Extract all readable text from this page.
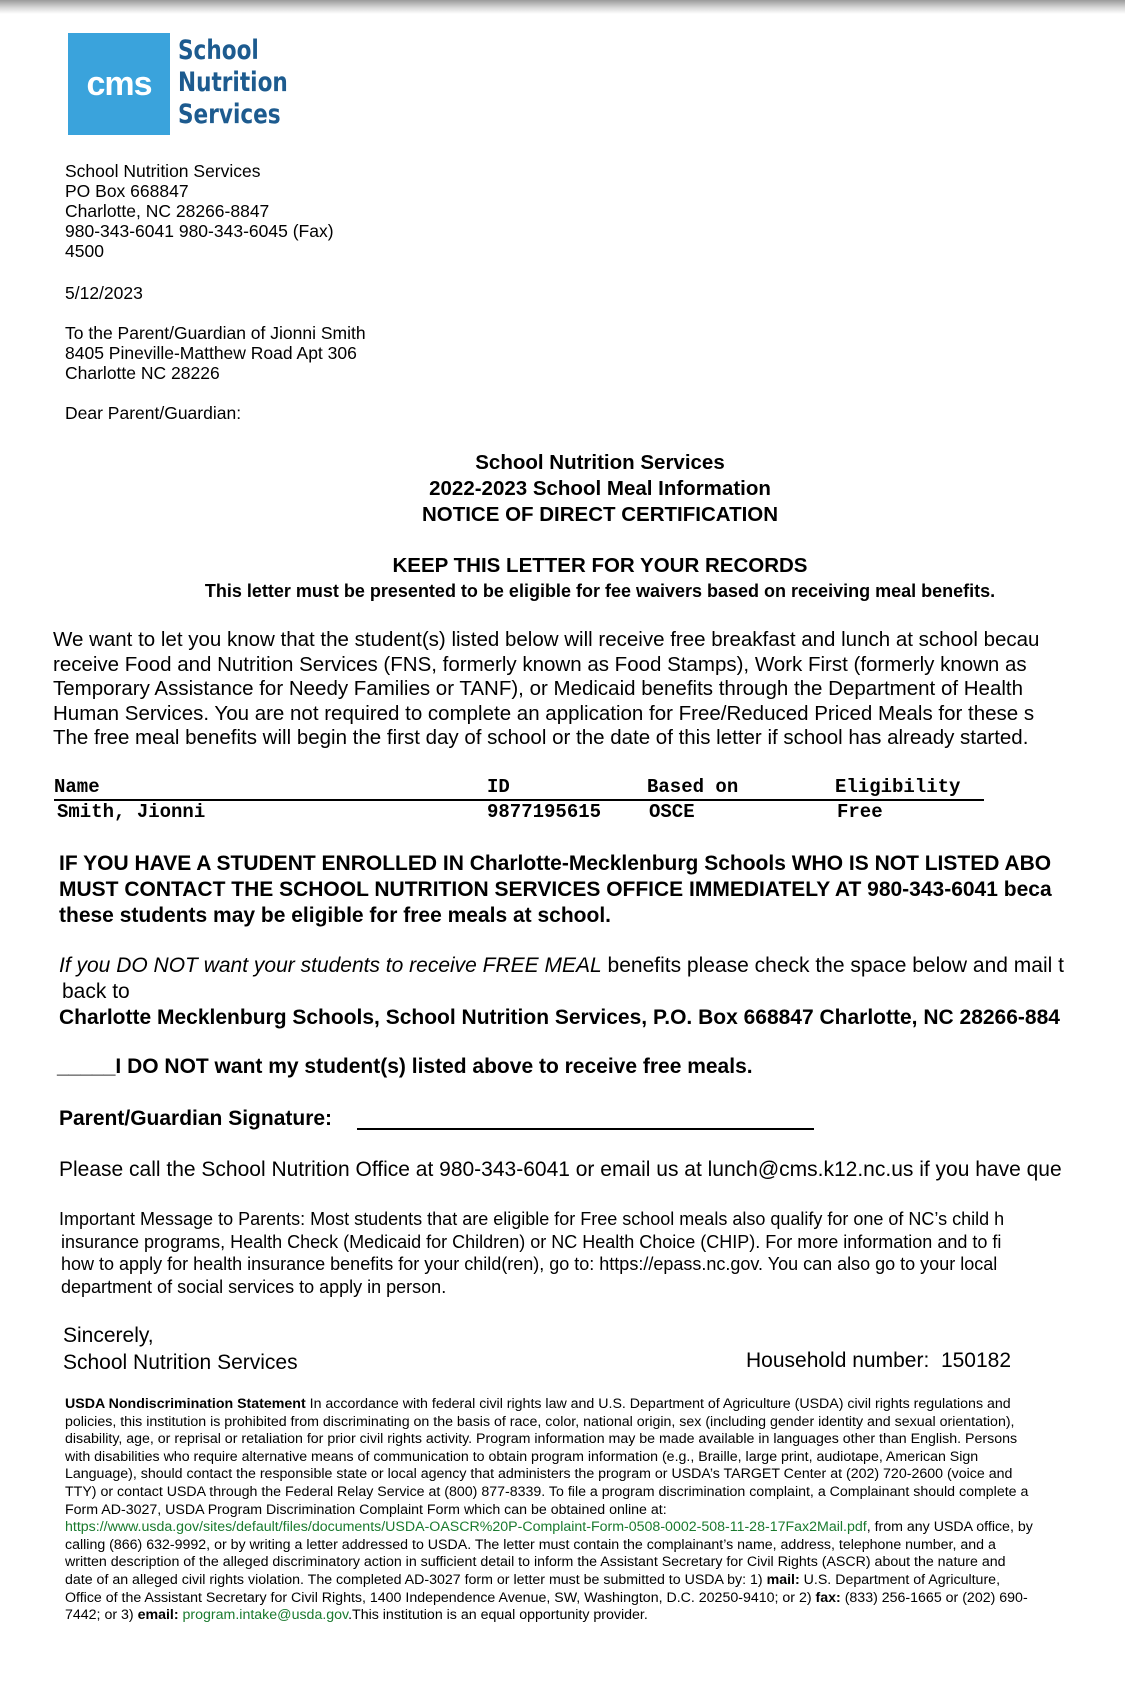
cms
School
Nutrition
Services
School Nutrition Services
PO Box 668847
Charlotte, NC 28266-8847
980-343-6041 980-343-6045 (Fax)
4500
5/12/2023
To the Parent/Guardian of Jionni Smith
8405 Pineville-Matthew Road Apt 306
Charlotte NC 28226
Dear Parent/Guardian:
School Nutrition Services
2022-2023 School Meal Information
NOTICE OF DIRECT CERTIFICATION
KEEP THIS LETTER FOR YOUR RECORDS
This letter must be presented to be eligible for fee waivers based on receiving meal benefits.
We want to let you know that the student(s) listed below will receive free breakfast and lunch at school becau
receive Food and Nutrition Services (FNS, formerly known as Food Stamps), Work First (formerly known as
Temporary Assistance for Needy Families or TANF), or Medicaid benefits through the Department of Health
Human Services. You are not required to complete an application for Free/Reduced Priced Meals for these s
The free meal benefits will begin the first day of school or the date of this letter if school has already started.
Name	ID	Based on	Eligibility
Smith, Jionni	9877195615	OSCE	Free
IF YOU HAVE A STUDENT ENROLLED IN Charlotte-Mecklenburg Schools WHO IS NOT LISTED ABO
MUST CONTACT THE SCHOOL NUTRITION SERVICES OFFICE IMMEDIATELY AT 980-343-6041 beca
these students may be eligible for free meals at school.
If you DO NOT want your students to receive FREE MEAL benefits please check the space below and mail t
back to
Charlotte Mecklenburg Schools, School Nutrition Services, P.O. Box 668847 Charlotte, NC 28266-884
_____I DO NOT want my student(s) listed above to receive free meals.
Parent/Guardian Signature:
Please call the School Nutrition Office at 980-343-6041 or email us at lunch@cms.k12.nc.us if you have que
Important Message to Parents: Most students that are eligible for Free school meals also qualify for one of NC’s child h
insurance programs, Health Check (Medicaid for Children) or NC Health Choice (CHIP). For more information and to fi
how to apply for health insurance benefits for your child(ren), go to: https://epass.nc.gov. You can also go to your local
department of social services to apply in person.
Sincerely,
School Nutrition Services	Household number: 150182
USDA Nondiscrimination Statement In accordance with federal civil rights law and U.S. Department of Agriculture (USDA) civil rights regulations and
policies, this institution is prohibited from discriminating on the basis of race, color, national origin, sex (including gender identity and sexual orientation),
disability, age, or reprisal or retaliation for prior civil rights activity. Program information may be made available in languages other than English. Persons
with disabilities who require alternative means of communication to obtain program information (e.g., Braille, large print, audiotape, American Sign
Language), should contact the responsible state or local agency that administers the program or USDA’s TARGET Center at (202) 720-2600 (voice and
TTY) or contact USDA through the Federal Relay Service at (800) 877-8339. To file a program discrimination complaint, a Complainant should complete a
Form AD-3027, USDA Program Discrimination Complaint Form which can be obtained online at:
https://www.usda.gov/sites/default/files/documents/USDA-OASCR%20P-Complaint-Form-0508-0002-508-11-28-17Fax2Mail.pdf, from any USDA office, by
calling (866) 632-9992, or by writing a letter addressed to USDA. The letter must contain the complainant’s name, address, telephone number, and a
written description of the alleged discriminatory action in sufficient detail to inform the Assistant Secretary for Civil Rights (ASCR) about the nature and
date of an alleged civil rights violation. The completed AD-3027 form or letter must be submitted to USDA by: 1) mail: U.S. Department of Agriculture,
Office of the Assistant Secretary for Civil Rights, 1400 Independence Avenue, SW, Washington, D.C. 20250-9410; or 2) fax: (833) 256-1665 or (202) 690-
7442; or 3) email: program.intake@usda.gov.This institution is an equal opportunity provider.
